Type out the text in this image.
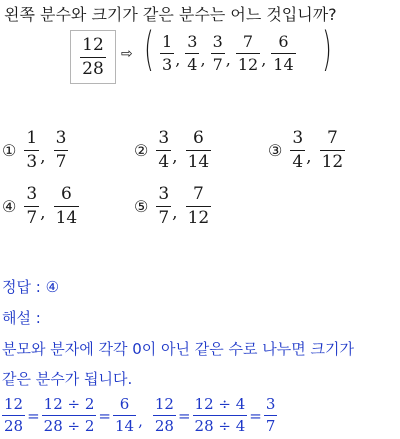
왼쪽 분수와 크기가 같은 분수는 어느 것입니까?
$\frac{12}{28}$ ⇨ ( $\frac{1}{3}$ , $\frac{3}{4}$ , $\frac{3}{7}$ , $\frac{7}{12}$ , $\frac{6}{14}$ )
① $\frac{1}{3}$ , $\frac{3}{7}$	② $\frac{3}{4}$ , $\frac{6}{14}$	③ $\frac{3}{4}$ , $\frac{7}{12}$
④ $\frac{3}{7}$ , $\frac{6}{14}$	⑤ $\frac{3}{7}$ , $\frac{7}{12}$
정답 : ④
해설 :
분모와 분자에 각각 0이 아닌 같은 수로 나누면 크기가
같은 분수가 됩니다.
$\frac{12}{28} = \frac{12 \div 2}{28 \div 2} = \frac{6}{14}$ , $\frac{12}{28} = \frac{12 \div 4}{28 \div 4} = \frac{3}{7}$
